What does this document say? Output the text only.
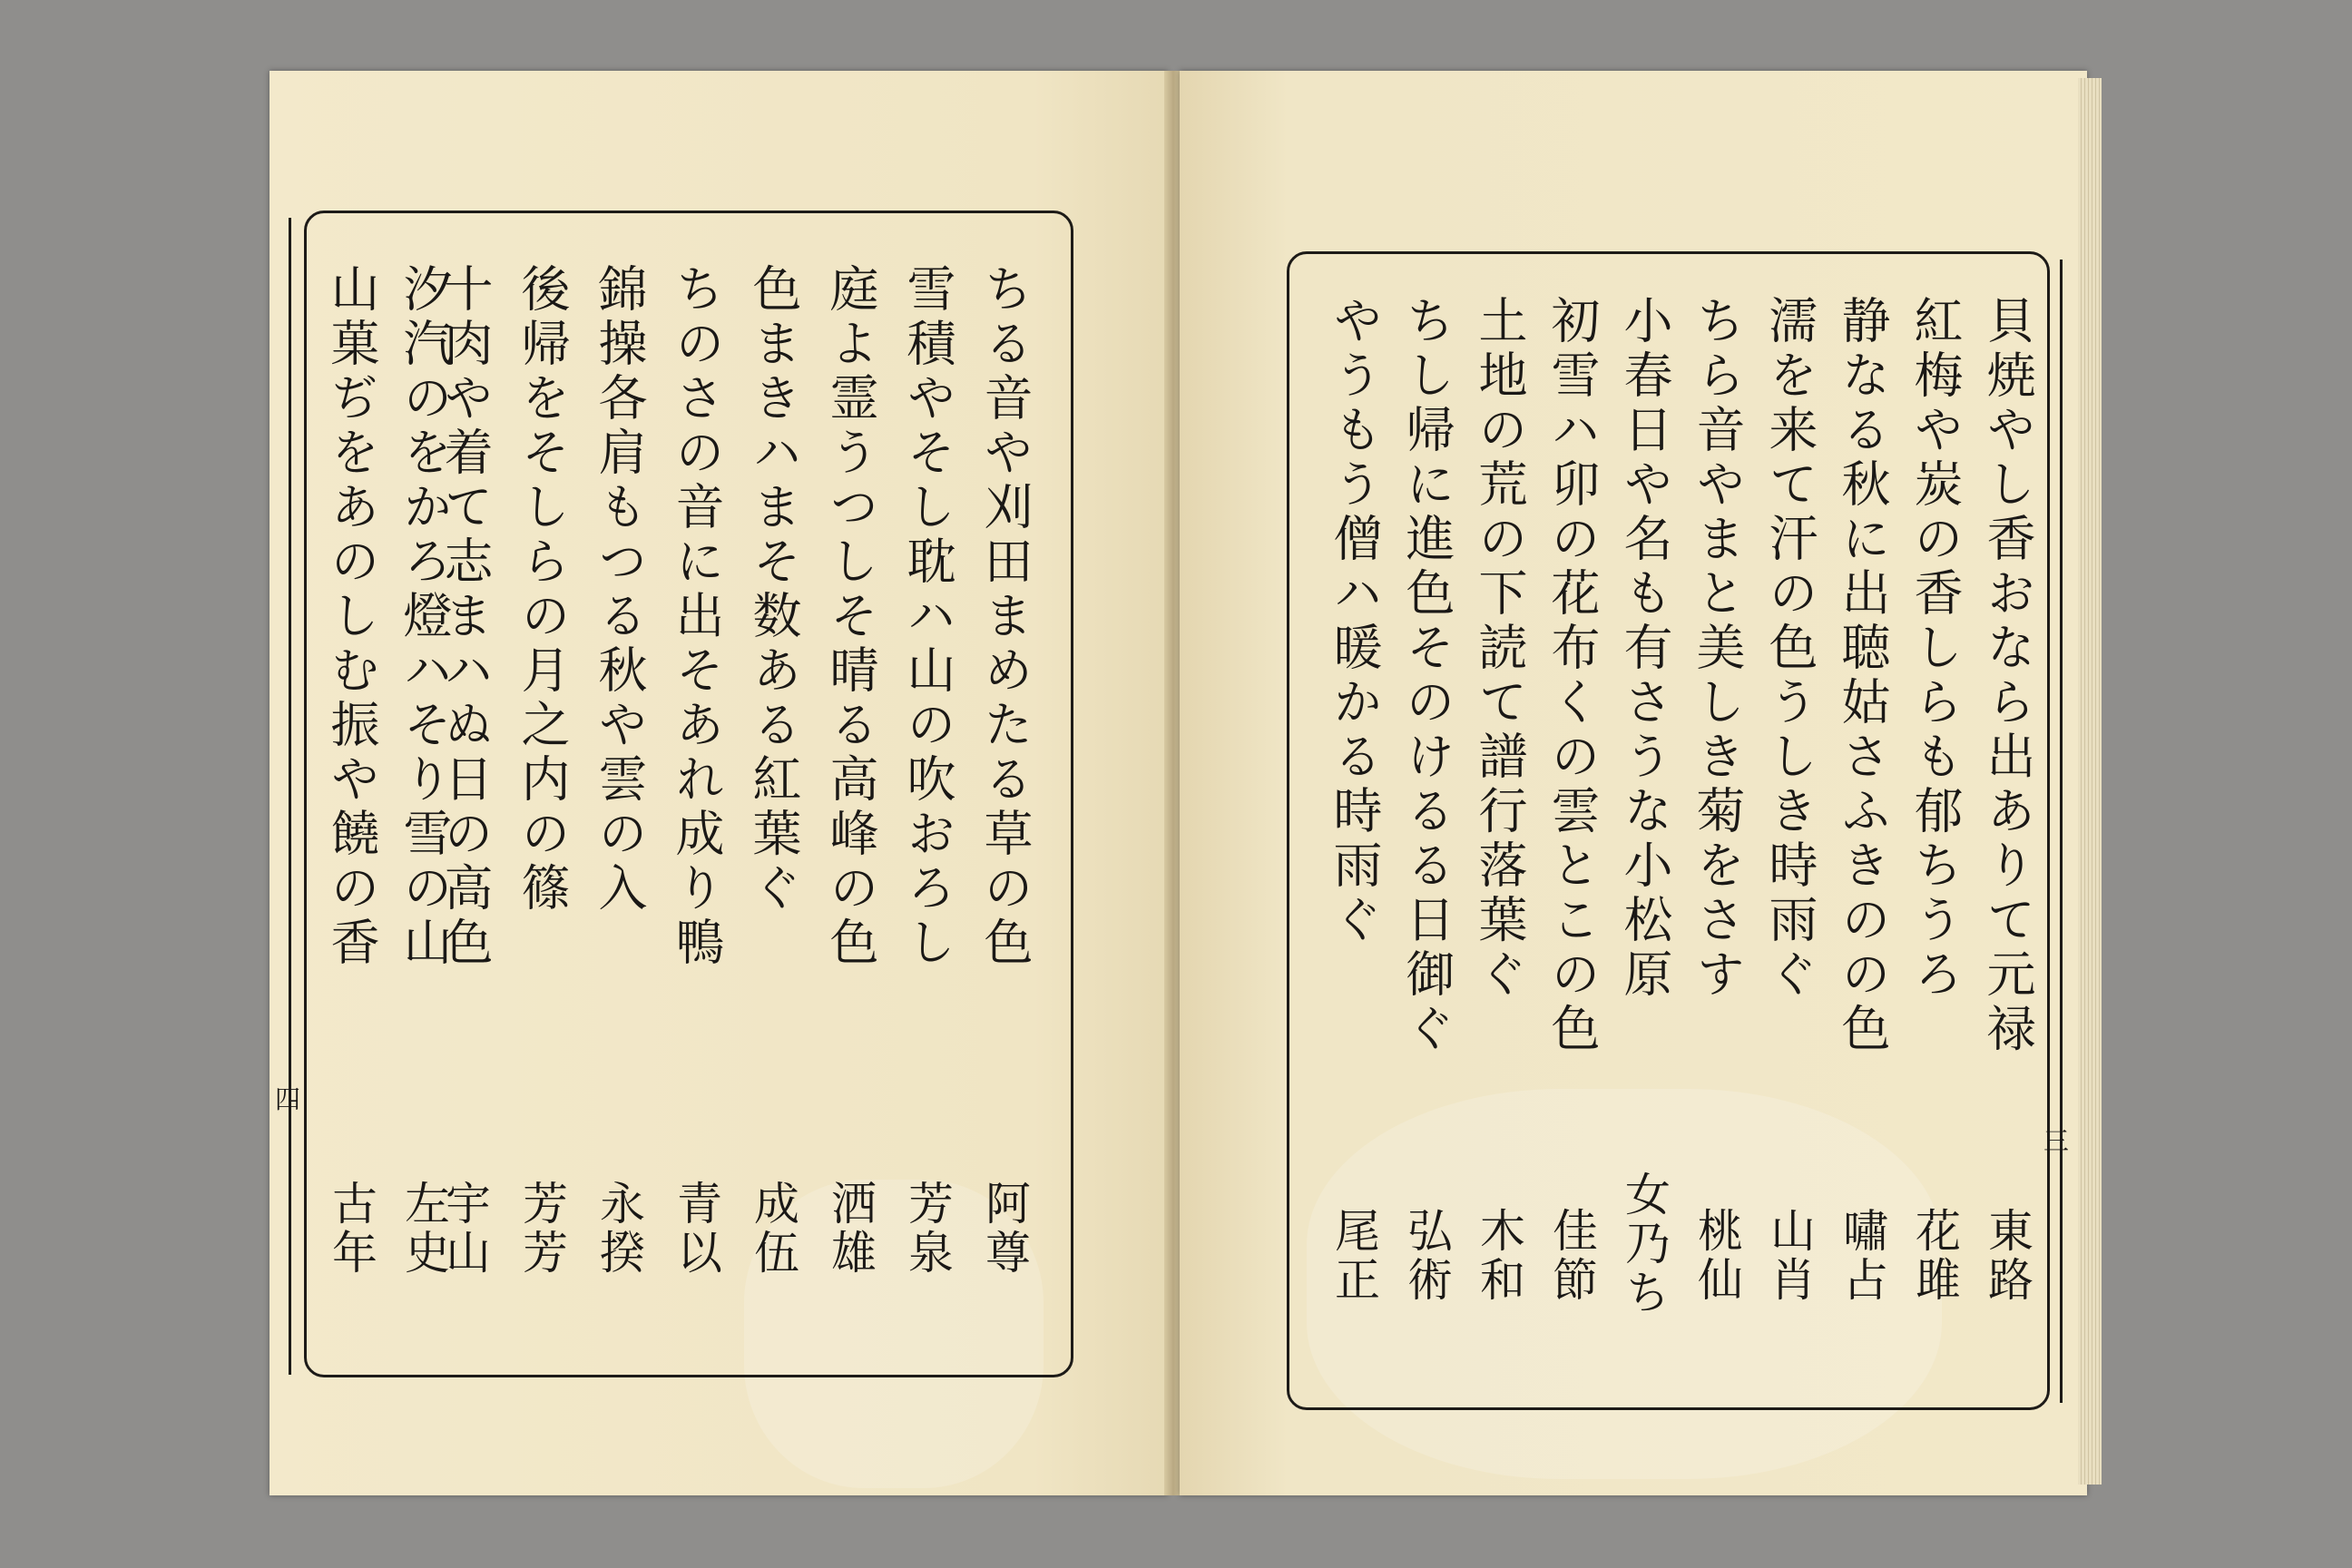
四
三
ちる音や刈田まめたる草の色
阿尊
雪積やそし耽ハ山の吹おろし
芳泉
庭よ霊うつしそ晴る高峰の色
洒雄
色まきハまそ数ある紅葉ぐ
成伍
ちのさの音に出そあれ成り鴨
青以
錦操各肩もつる秋や雲の入
永揆
後帰をそしらの月之内の篠
芳芳
十肉や着て志まハぬ日の高色
宇山
汐汽のをかろ燈ハそり雪の山
左史
山菓ぢをあのしむ振や饒の香
古年
貝焼やし香おなら出ありて元禄
東路
紅梅や炭の香しらも郁ちうろ
花雎
静なる秋に出聴姑さふきのの色
嘯占
濡を来て汗の色うしき時雨ぐ
山肖
ちら音やまと美しき菊をさす
桃仙
小春日や名も有さうな小松原
女乃ち
初雪ハ卯の花布くの雲とこの色
佳節
土地の荒の下読て譜行落葉ぐ
木和
ちし帰に進色そのけるる日御ぐ
弘術
やうもう僧ハ暖かる時雨ぐ
尾正
